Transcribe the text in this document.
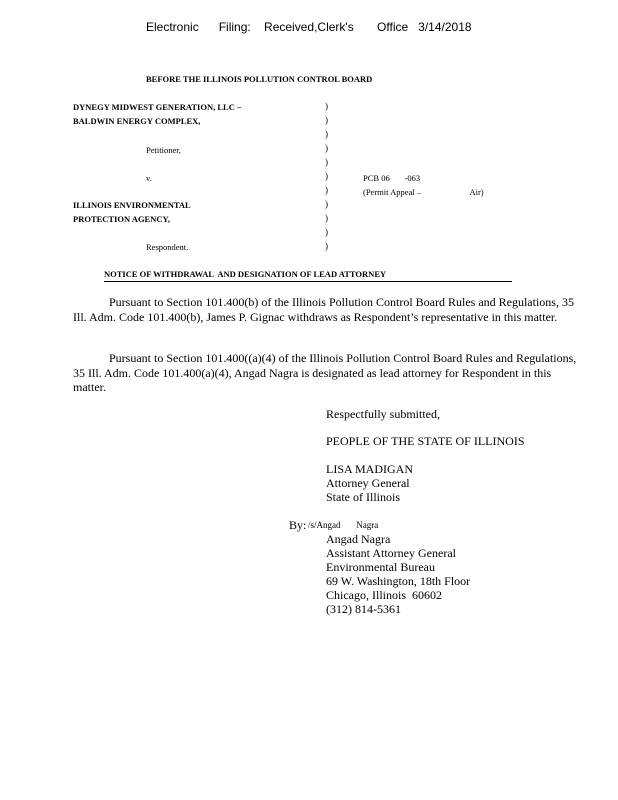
Electronic      Filing:    Received,Clerk's       Office   3/14/2018
BEFORE THE ILLINOIS POLLUTION CONTROL BOARD
DYNEGY MIDWEST GENERATION, LLC –
BALDWIN ENERGY COMPLEX,
Petitioner,
v.
ILLINOIS ENVIRONMENTAL
PROTECTION AGENCY,
Respondent.
)
)
)
)
)
)
)
)
)
)
)
PCB 06       -063
(Permit Appeal –                       Air)
NOTICE OF WITHDRAWAL  AND DESIGNATION OF LEAD ATTORNEY
Pursuant to Section 101.400(b) of the Illinois Pollution Control Board Rules and Regulations, 35 Ill. Adm. Code 101.400(b), James P. Gignac withdraws as Respondent’s representative in this matter.
Pursuant to Section 101.400((a)(4) of the Illinois Pollution Control Board Rules and Regulations, 35 Ill. Adm. Code 101.400(a)(4), Angad Nagra is designated as lead attorney for Respondent in this matter.
Respectfully submitted,
PEOPLE OF THE STATE OF ILLINOIS
LISA MADIGAN
Attorney General
State of Illinois
By: /s/Angad       Nagra
Angad Nagra
Assistant Attorney General
Environmental Bureau
69 W. Washington, 18th Floor
Chicago, Illinois  60602
(312) 814-5361
